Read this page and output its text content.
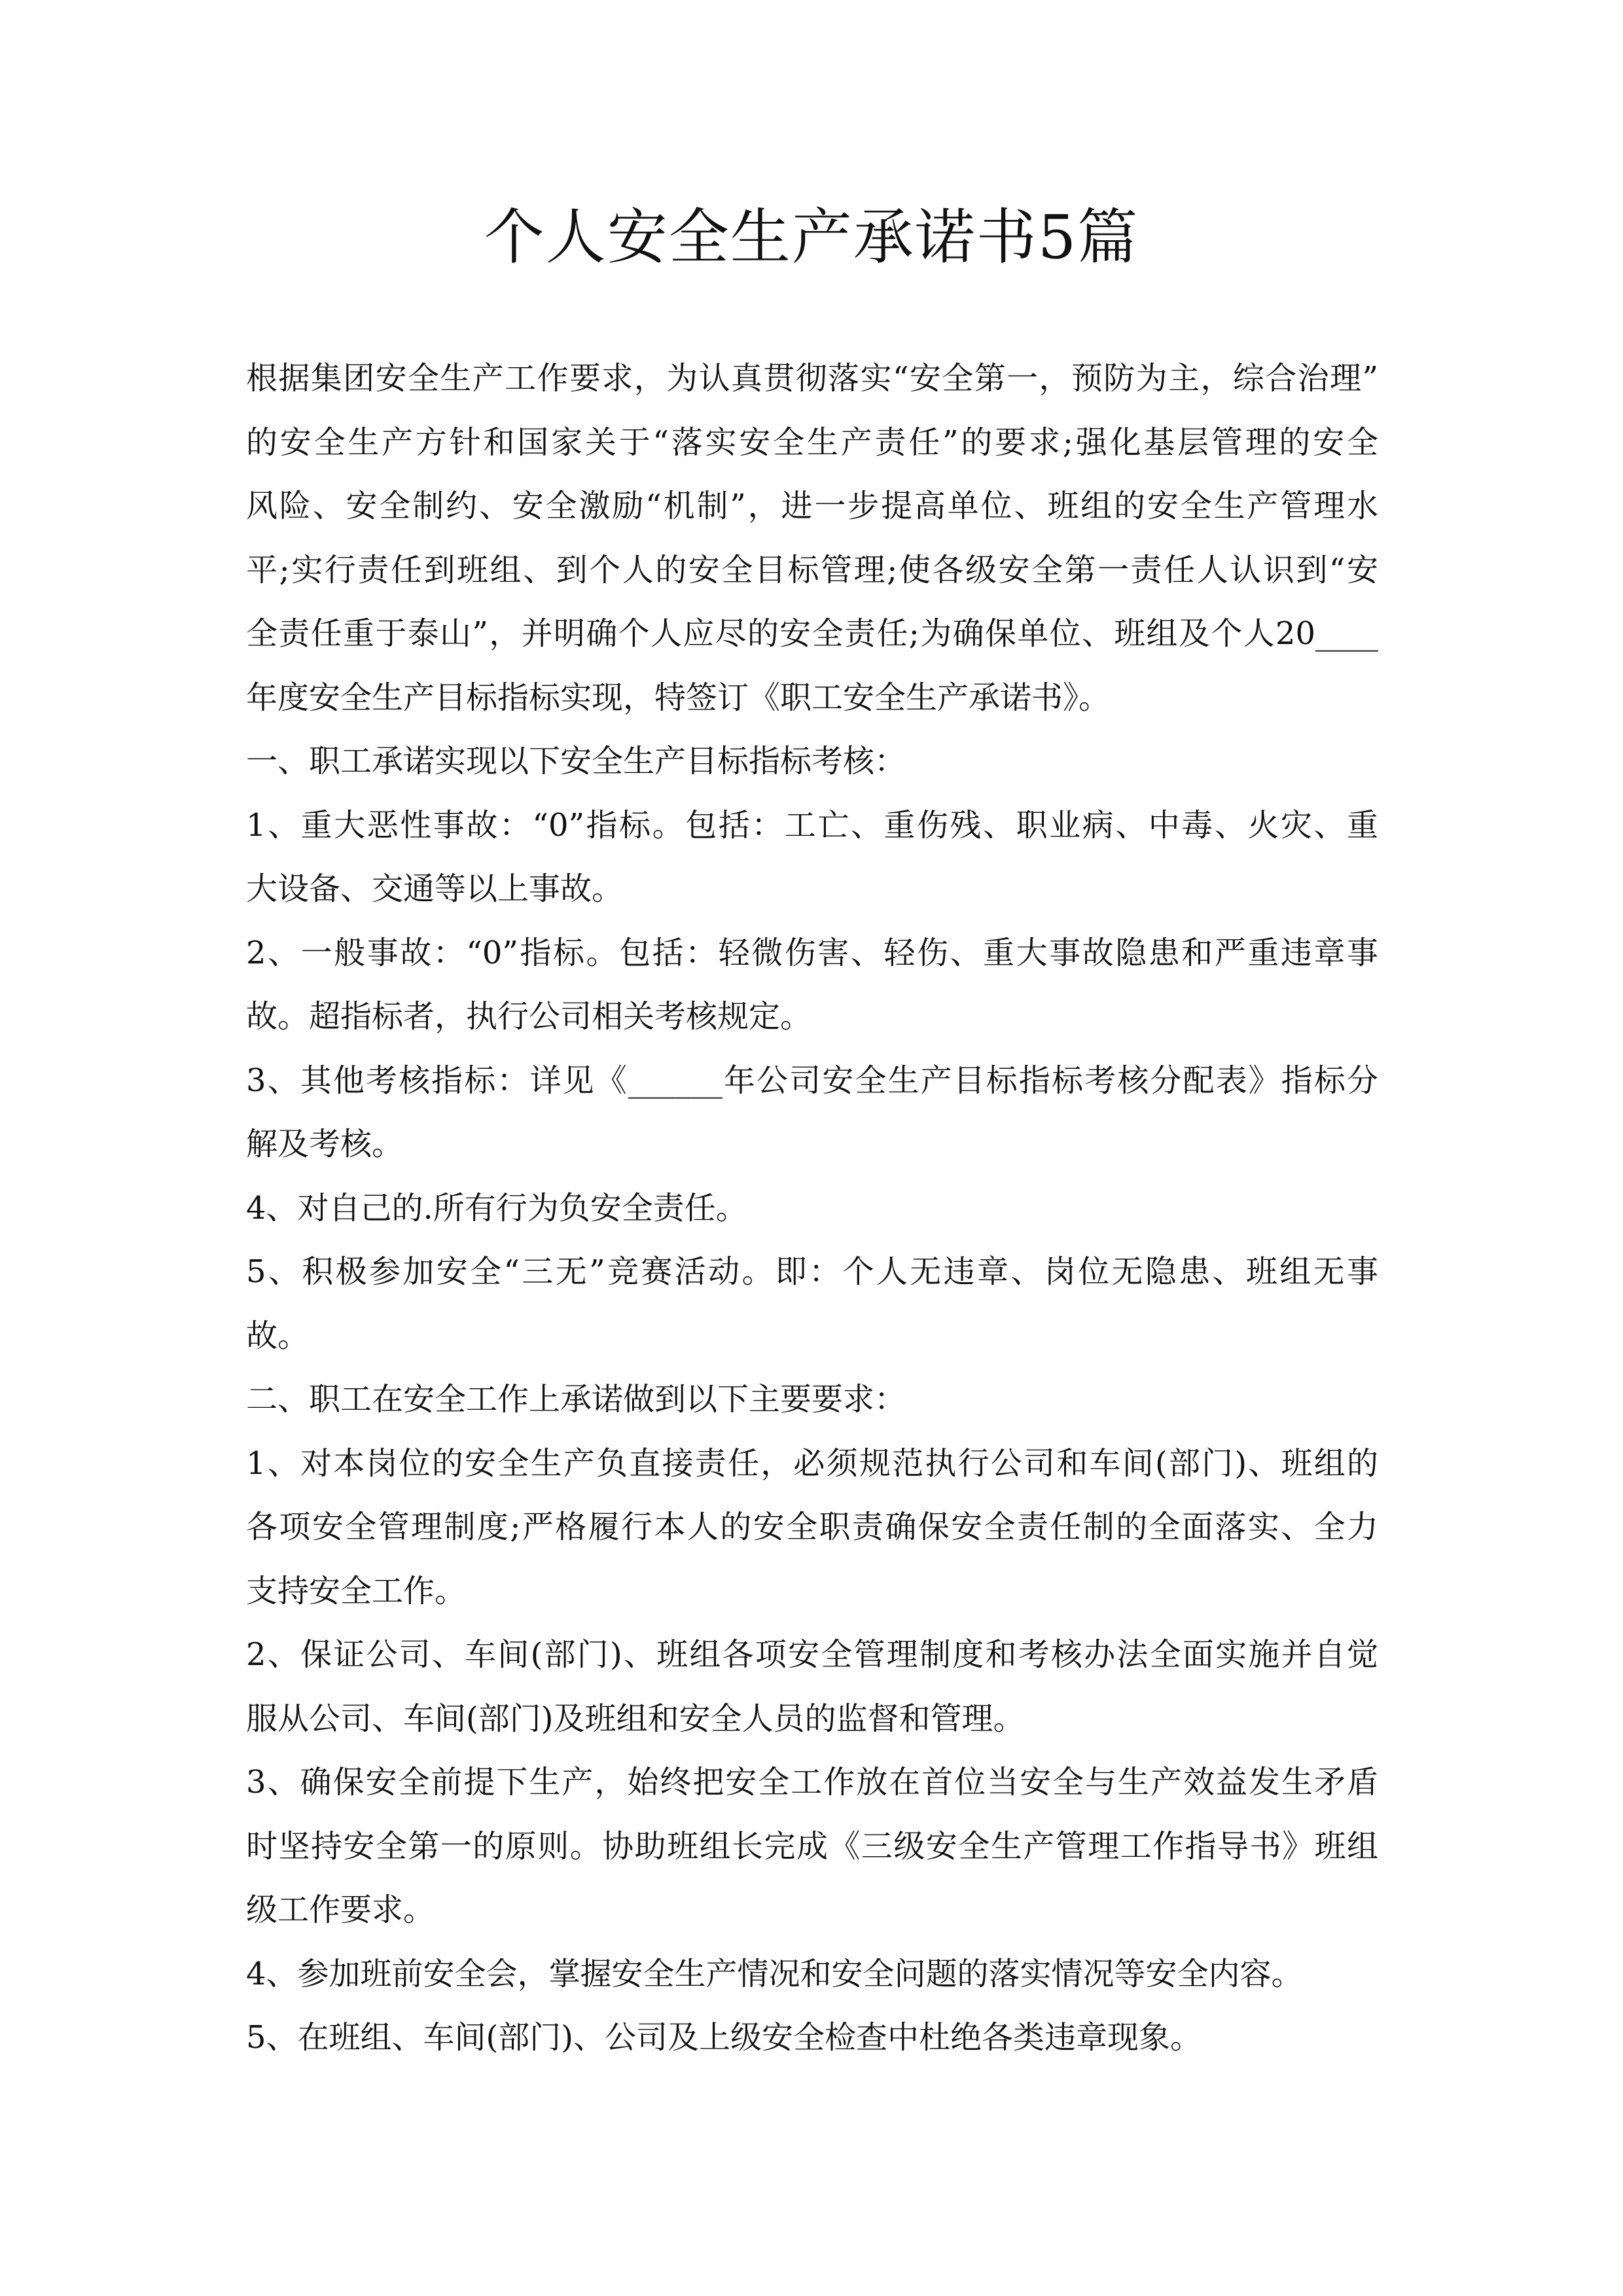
个人安全生产承诺书5篇
根据集团安全生产工作要求，为认真贯彻落实“安全第一，预防为主，综合治理”
的安全生产方针和国家关于“落实安全生产责任”的要求;强化基层管理的安全
风险、安全制约、安全激励“机制”，进一步提高单位、班组的安全生产管理水
平;实行责任到班组、到个人的安全目标管理;使各级安全第一责任人认识到“安
全责任重于泰山”，并明确个人应尽的安全责任;为确保单位、班组及个人20____
年度安全生产目标指标实现，特签订《职工安全生产承诺书》。
一、职工承诺实现以下安全生产目标指标考核：
1、重大恶性事故：“0”指标。包括：工亡、重伤残、职业病、中毒、火灾、重
大设备、交通等以上事故。
2、一般事故：“0”指标。包括：轻微伤害、轻伤、重大事故隐患和严重违章事
故。超指标者，执行公司相关考核规定。
3、其他考核指标：详见《______年公司安全生产目标指标考核分配表》指标分
解及考核。
4、对自己的.所有行为负安全责任。
5、积极参加安全“三无”竞赛活动。即：个人无违章、岗位无隐患、班组无事
故。
二、职工在安全工作上承诺做到以下主要要求：
1、对本岗位的安全生产负直接责任，必须规范执行公司和车间(部门)、班组的
各项安全管理制度;严格履行本人的安全职责确保安全责任制的全面落实、全力
支持安全工作。
2、保证公司、车间(部门)、班组各项安全管理制度和考核办法全面实施并自觉
服从公司、车间(部门)及班组和安全人员的监督和管理。
3、确保安全前提下生产，始终把安全工作放在首位当安全与生产效益发生矛盾
时坚持安全第一的原则。协助班组长完成《三级安全生产管理工作指导书》班组
级工作要求。
4、参加班前安全会，掌握安全生产情况和安全问题的落实情况等安全内容。
5、在班组、车间(部门)、公司及上级安全检查中杜绝各类违章现象。
